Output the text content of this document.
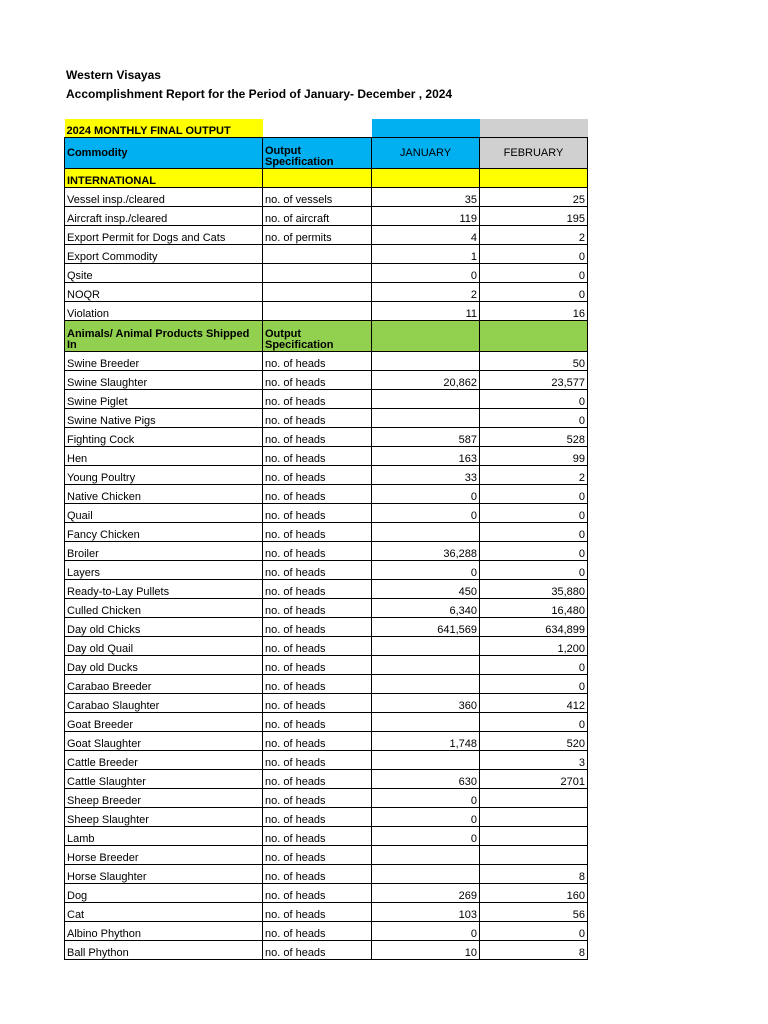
Western Visayas
Accomplishment Report for the Period of January- December , 2024
2024 MONTHLY FINAL OUTPUT			
Commodity	Output Specification	JANUARY	FEBRUARY
INTERNATIONAL			
Vessel insp./cleared	no. of vessels	35	25
Aircraft insp./cleared	no. of aircraft	119	195
Export Permit for Dogs and Cats	no. of permits	4	2
Export Commodity		1	0
Qsite		0	0
NOQR		2	0
Violation		11	16
Animals/ Animal Products Shipped In	Output Specification		
Swine Breeder	no. of heads		50
Swine Slaughter	no. of heads	20,862	23,577
Swine Piglet	no. of heads		0
Swine Native Pigs	no. of heads		0
Fighting Cock	no. of heads	587	528
Hen	no. of heads	163	99
Young Poultry	no. of heads	33	2
Native Chicken	no. of heads	0	0
Quail	no. of heads	0	0
Fancy Chicken	no. of heads		0
Broiler	no. of heads	36,288	0
Layers	no. of heads	0	0
Ready-to-Lay Pullets	no. of heads	450	35,880
Culled Chicken	no. of heads	6,340	16,480
Day old Chicks	no. of heads	641,569	634,899
Day old Quail	no. of heads		1,200
Day old Ducks	no. of heads		0
Carabao Breeder	no. of heads		0
Carabao Slaughter	no. of heads	360	412
Goat Breeder	no. of heads		0
Goat Slaughter	no. of heads	1,748	520
Cattle Breeder	no. of heads		3
Cattle Slaughter	no. of heads	630	2701
Sheep Breeder	no. of heads	0	
Sheep Slaughter	no. of heads	0	
Lamb	no. of heads	0	
Horse Breeder	no. of heads		
Horse Slaughter	no. of heads		8
Dog	no. of heads	269	160
Cat	no. of heads	103	56
Albino Phython	no. of heads	0	0
Ball Phython	no. of heads	10	8
